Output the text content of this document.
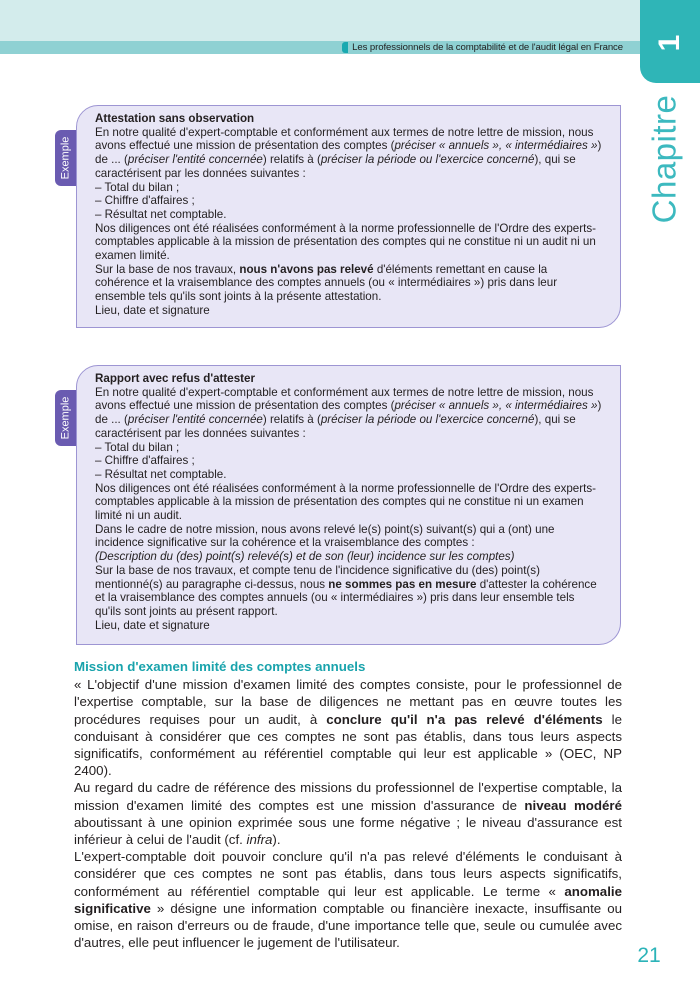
Les professionnels de la comptabilité et de l'audit légal en France 1
Chapitre
Exemple
Attestation sans observation
En notre qualité d'expert-comptable et conformément aux termes de notre lettre de mission, nous avons effectué une mission de présentation des comptes (préciser « annuels », « intermédiaires ») de ... (préciser l'entité concernée) relatifs à (préciser la période ou l'exercice concerné), qui se caractérisent par les données suivantes :
– Total du bilan ;
– Chiffre d'affaires ;
– Résultat net comptable.
Nos diligences ont été réalisées conformément à la norme professionnelle de l'Ordre des experts-comptables applicable à la mission de présentation des comptes qui ne constitue ni un audit ni un examen limité.
Sur la base de nos travaux, nous n'avons pas relevé d'éléments remettant en cause la cohérence et la vraisemblance des comptes annuels (ou « intermédiaires ») pris dans leur ensemble tels qu'ils sont joints à la présente attestation.
Lieu, date et signature
Exemple
Rapport avec refus d'attester
En notre qualité d'expert-comptable et conformément aux termes de notre lettre de mission, nous avons effectué une mission de présentation des comptes (préciser « annuels », « intermédiaires ») de ... (préciser l'entité concernée) relatifs à (préciser la période ou l'exercice concerné), qui se caractérisent par les données suivantes :
– Total du bilan ;
– Chiffre d'affaires ;
– Résultat net comptable.
Nos diligences ont été réalisées conformément à la norme professionnelle de l'Ordre des experts-comptables applicable à la mission de présentation des comptes qui ne constitue ni un examen limité ni un audit.
Dans le cadre de notre mission, nous avons relevé le(s) point(s) suivant(s) qui a (ont) une incidence significative sur la cohérence et la vraisemblance des comptes :
(Description du (des) point(s) relevé(s) et de son (leur) incidence sur les comptes)
Sur la base de nos travaux, et compte tenu de l'incidence significative du (des) point(s) mentionné(s) au paragraphe ci-dessus, nous ne sommes pas en mesure d'attester la cohérence et la vraisemblance des comptes annuels (ou « intermédiaires ») pris dans leur ensemble tels qu'ils sont joints au présent rapport.
Lieu, date et signature
Mission d'examen limité des comptes annuels

« L'objectif d'une mission d'examen limité des comptes consiste, pour le professionnel de l'expertise comptable, sur la base de diligences ne mettant pas en œuvre toutes les procédures requises pour un audit, à conclure qu'il n'a pas relevé d'éléments le conduisant à considérer que ces comptes ne sont pas établis, dans tous leurs aspects significatifs, conformément au référentiel comptable qui leur est applicable » (OEC, NP 2400).

Au regard du cadre de référence des missions du professionnel de l'expertise comptable, la mission d'examen limité des comptes est une mission d'assurance de niveau modéré aboutissant à une opinion exprimée sous une forme négative ; le niveau d'assurance est inférieur à celui de l'audit (cf. infra).

L'expert-comptable doit pouvoir conclure qu'il n'a pas relevé d'éléments le conduisant à considérer que ces comptes ne sont pas établis, dans tous leurs aspects significatifs, conformément au référentiel comptable qui leur est applicable. Le terme « anomalie significative » désigne une information comptable ou financière inexacte, insuffisante ou omise, en raison d'erreurs ou de fraude, d'une importance telle que, seule ou cumulée avec d'autres, elle peut influencer le jugement de l'utilisateur.

21
